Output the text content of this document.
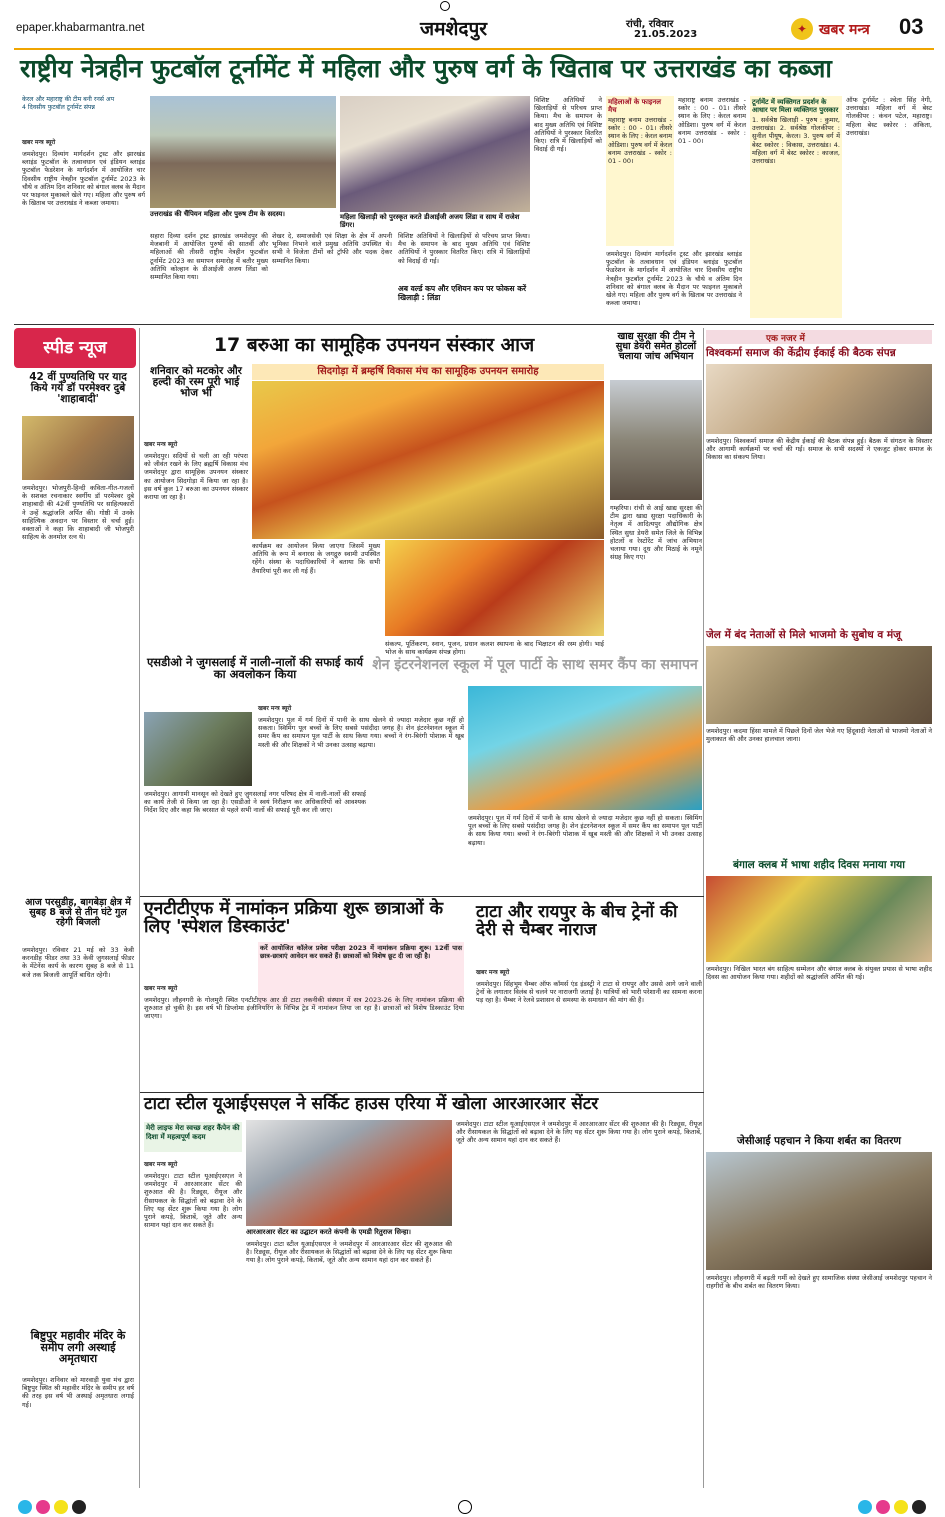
epaper.khabarmantra.net	जमशेदपुर	रांची, रविवार
21.05.2023	✦ खबर मन्त्र 03
राष्ट्रीय नेत्रहीन फुटबॉल टूर्नामेंट में महिला और पुरुष वर्ग के खिताब पर उत्तराखंड का कब्जा
केरल और महाराष्ट्र की टीम बनी रनर्स अप
4 दिवसीय फुटबॉल टूर्नामेंट संपन्न
खबर मन्त्र ब्यूरो
जमशेदपुर। दिव्यांग मार्गदर्शन ट्रस्ट और झारखंड ब्लाइंड फुटबॉल के तत्वावधान एवं इंडियन ब्लाइंड फुटबॉल फेडरेशन के मार्गदर्शन में आयोजित चार दिवसीय राष्ट्रीय नेत्रहीन फुटबॉल टूर्नामेंट 2023 के चौथे व अंतिम दिन शनिवार को बंगाल क्लब के मैदान पर फाइनल मुकाबले खेले गए। महिला और पुरुष वर्ग के खिताब पर उत्तराखंड ने कब्जा जमाया।
उत्तराखंड की चैंपियन महिला और पुरुष टीम के सदस्य।	महिला खिलाड़ी को पुरस्कृत करते डीआईजी अजय लिंडा व साथ में राजेश डिंगर।
सहारा दिव्या दर्शन ट्रस्ट झारखंड जमशेदपुर की मेजबानी में आयोजित पुरुषों की सातवीं और महिलाओं की तीसरी राष्ट्रीय नेत्रहीन फुटबॉल टूर्नामेंट 2023 का समापन समारोह में बतौर मुख्य अतिथि कोल्हान के डीआईजी अजय लिंडा को सम्मानित किया गया।
शेखर दे, समाजसेवी एवं शिक्षा के क्षेत्र में अपनी भूमिका निभाने वाले प्रमुख अतिथि उपस्थित थे। सभी ने विजेता टीमों को ट्रॉफी और पदक देकर सम्मानित किया।
विशिष्ट अतिथियों ने खिलाड़ियों से परिचय प्राप्त किया। मैच के समापन के बाद मुख्य अतिथि एवं विशिष्ट अतिथियों ने पुरस्कार वितरित किए। रात्रि में खिलाड़ियों को विदाई दी गई।
अब वर्ल्ड कप और एशियन कप पर फोकस करें खिलाड़ी : लिंडा
विशिष्ट अतिथियों ने खिलाड़ियों से परिचय प्राप्त किया। मैच के समापन के बाद मुख्य अतिथि एवं विशिष्ट अतिथियों ने पुरस्कार वितरित किए। रात्रि में खिलाड़ियों को विदाई दी गई।
महिलाओं के फाइनल मैच
महाराष्ट्र बनाम उत्तराखंड - स्कोर : 00 - 01। तीसरे स्थान के लिए : केरल बनाम ओडिशा। पुरुष वर्ग में केरल बनाम उत्तराखंड - स्कोर : 01 - 00।
जमशेदपुर। दिव्यांग मार्गदर्शन ट्रस्ट और झारखंड ब्लाइंड फुटबॉल के तत्वावधान एवं इंडियन ब्लाइंड फुटबॉल फेडरेशन के मार्गदर्शन में आयोजित चार दिवसीय राष्ट्रीय नेत्रहीन फुटबॉल टूर्नामेंट 2023 के चौथे व अंतिम दिन शनिवार को बंगाल क्लब के मैदान पर फाइनल मुकाबले खेले गए। महिला और पुरुष वर्ग के खिताब पर उत्तराखंड ने कब्जा जमाया।
महाराष्ट्र बनाम उत्तराखंड - स्कोर : 00 - 01। तीसरे स्थान के लिए : केरल बनाम ओडिशा। पुरुष वर्ग में केरल बनाम उत्तराखंड - स्कोर : 01 - 00।
टूर्नामेंट में व्यक्तिगत प्रदर्शन के आधार पर मिला व्यक्तिगत पुरस्कार
1. सर्वश्रेष्ठ खिलाड़ी - पुरुष : कुमार, उत्तराखंड। 2. सर्वश्रेष्ठ गोलकीपर : सुनील पीयूष, केरल। 3. पुरुष वर्ग में बेस्ट स्कोरर : विकास, उत्तराखंड। 4. महिला वर्ग में बेस्ट स्कोरर : काजल, उत्तराखंड।
ऑफ टूर्नामेंट : श्वेता सिंह नेगी, उत्तराखंड। महिला वर्ग में बेस्ट गोलकीपर : कंचन पटेल, महाराष्ट्र। महिला बेस्ट स्कोरर : अंकिता, उत्तराखंड।
स्पीड न्यूज
42 वीं पुण्यतिथि पर याद किये गये डॉ परमेश्वर दुबे 'शाहाबादी'
जमशेदपुर। भोजपुरी-हिन्दी कविता-गीत-गजलों के सशक्त रचनाकार स्वर्गीय डॉ परमेश्वर दुबे शाहाबादी की 42वीं पुण्यतिथि पर साहित्यकारों ने उन्हें श्रद्धांजलि अर्पित की। गोष्ठी में उनके साहित्यिक अवदान पर विस्तार से चर्चा हुई। वक्ताओं ने कहा कि शाहाबादी जी भोजपुरी साहित्य के अनमोल रत्न थे।
आज परसुडीह, बागबेड़ा क्षेत्र में सुबह 8 बजे से तीन घंटे गुल रहेगी बिजली
जमशेदपुर। रविवार 21 मई को 33 केवी करनडीह फीडर तथा 33 केवी जुगसलाई फीडर के मेंटेनेंस कार्य के कारण सुबह 8 बजे से 11 बजे तक बिजली आपूर्ति बाधित रहेगी।
बिष्टुपुर महावीर मंदिर के समीप लगी अस्थाई अमृतधारा
जमशेदपुर। शनिवार को मारवाड़ी युवा मंच द्वारा बिष्टुपुर स्थित श्री महावीर मंदिर के समीप हर वर्ष की तरह इस वर्ष भी अस्थाई अमृतधारा लगाई गई।
17 बरुआ का सामूहिक उपनयन संस्कार आज
शनिवार को मटकोर और हल्दी की रस्म पूरी भाई भोज भी
सिदगोड़ा में ब्रम्हर्षि विकास मंच का सामूहिक उपनयन समारोह
खबर मन्त्र ब्यूरो
जमशेदपुर। सदियों से चली आ रही परंपरा को जीवंत रखने के लिए ब्रह्मर्षि विकास मंच जमशेदपुर द्वारा सामूहिक उपनयन संस्कार का आयोजन सिदगोड़ा में किया जा रहा है। इस वर्ष कुल 17 बरुआ का उपनयन संस्कार कराया जा रहा है।
कार्यक्रम का आयोजन किया जाएगा जिसमें मुख्य अतिथि के रूप में बनारस के जगद्गुरु स्वामी उपस्थित रहेंगे। संस्था के पदाधिकारियों ने बताया कि सभी तैयारियां पूरी कर ली गई हैं।
संकल्प, पूर्तिकरण, स्नान, पूजन, प्रधान कलश स्थापना के बाद भिक्षाटन की रस्म होगी। भाई भोज के साथ कार्यक्रम संपन्न होगा।
खाद्य सुरक्षा की टीम ने सुधा डेयरी समेत होटलों चलाया जांच अभियान
गम्हरिया। रांची से आई खाद्य सुरक्षा की टीम द्वारा खाद्य सुरक्षा पदाधिकारी के नेतृत्व में आदित्यपुर औद्योगिक क्षेत्र स्थित सुधा डेयरी समेत जिले के विभिन्न होटलों व रेस्टोरेंट में जांच अभियान चलाया गया। दूध और मिठाई के नमूने संग्रह किए गए।
एक नजर में
विश्वकर्मा समाज की केंद्रीय ईकाई की बैठक संपन्न
जमशेदपुर। विश्वकर्मा समाज की केंद्रीय ईकाई की बैठक संपन्न हुई। बैठक में संगठन के विस्तार और आगामी कार्यक्रमों पर चर्चा की गई। समाज के सभी सदस्यों ने एकजुट होकर समाज के विकास का संकल्प लिया।
जेल में बंद नेताओं से मिले भाजमो के सुबोध व मंजू
जमशेदपुर। कदमा हिंसा मामले में पिछले दिनों जेल भेजे गए हिंदूवादी नेताओं से भाजमो नेताओं ने मुलाकात की और उनका हालचाल जाना।
बंगाल क्लब में भाषा शहीद दिवस मनाया गया
जमशेदपुर। निखिल भारत बंग साहित्य सम्मेलन और बंगाल क्लब के संयुक्त प्रयास से भाषा शहीद दिवस का आयोजन किया गया। शहीदों को श्रद्धांजलि अर्पित की गई।
जेसीआई पहचान ने किया शर्बत का वितरण
जमशेदपुर। लौहनगरी में बढ़ती गर्मी को देखते हुए सामाजिक संस्था जेसीआई जमशेदपुर पहचान ने राहगीरों के बीच शर्बत का वितरण किया।
एसडीओ ने जुगसलाई में नाली-नालों की सफाई कार्य का अवलोकन किया
जमशेदपुर। आगामी मानसून को देखते हुए जुगसलाई नगर परिषद क्षेत्र में नाली-नालों की सफाई का कार्य तेजी से किया जा रहा है। एसडीओ ने स्वयं निरीक्षण कर अधिकारियों को आवश्यक निर्देश दिए और कहा कि बरसात से पहले सभी नालों की सफाई पूरी कर ली जाए।
शेन इंटरनेशनल स्कूल में पूल पार्टी के साथ समर कैंप का समापन
खबर मन्त्र ब्यूरो
जमशेदपुर। पूल में गर्म दिनों में पानी के साथ खेलने से ज्यादा मजेदार कुछ नहीं हो सकता। स्विमिंग पूल बच्चों के लिए सबसे पसंदीदा जगह है। शेन इंटरनेशनल स्कूल में समर कैंप का समापन पूल पार्टी के साथ किया गया। बच्चों ने रंग-बिरंगी पोशाक में खूब मस्ती की और शिक्षकों ने भी उनका उत्साह बढ़ाया।
जमशेदपुर। पूल में गर्म दिनों में पानी के साथ खेलने से ज्यादा मजेदार कुछ नहीं हो सकता। स्विमिंग पूल बच्चों के लिए सबसे पसंदीदा जगह है। शेन इंटरनेशनल स्कूल में समर कैंप का समापन पूल पार्टी के साथ किया गया। बच्चों ने रंग-बिरंगी पोशाक में खूब मस्ती की और शिक्षकों ने भी उनका उत्साह बढ़ाया।
एनटीटीएफ में नामांकन प्रक्रिया शुरू छात्राओं के लिए 'स्पेशल डिस्काउंट'
खबर मन्त्र ब्यूरो
करें आयोजित कॉलेज प्रवेश परीक्षा 2023 में नामांकन प्रक्रिया शुरू। 12वीं पास छात्र-छात्राएं आवेदन कर सकते हैं। छात्राओं को विशेष छूट दी जा रही है।
जमशेदपुर। लौहनगरी के गोलमुरी स्थित एनटीटीएफ आर डी टाटा तकनीकी संस्थान में सत्र 2023-26 के लिए नामांकन प्रक्रिया की शुरुआत हो चुकी है। इस वर्ष भी डिप्लोमा इंजीनियरिंग के विभिन्न ट्रेड में नामांकन लिया जा रहा है। छात्राओं को विशेष डिस्काउंट दिया जाएगा।
टाटा और रायपुर के बीच ट्रेनों की देरी से चैम्बर नाराज
खबर मन्त्र ब्यूरो
जमशेदपुर। सिंहभूम चैम्बर ऑफ कॉमर्स एंड इंडस्ट्री ने टाटा से रायपुर और उससे आगे जाने वाली ट्रेनों के लगातार विलंब से चलने पर नाराजगी जताई है। यात्रियों को भारी परेशानी का सामना करना पड़ रहा है। चैम्बर ने रेलवे प्रशासन से समस्या के समाधान की मांग की है।
टाटा स्टील यूआईएसएल ने सर्किट हाउस एरिया में खोला आरआरआर सेंटर
मेरी लाइफ मेरा स्वच्छ शहर कैंपेन की दिशा में महत्वपूर्ण कदम
खबर मन्त्र ब्यूरो
जमशेदपुर। टाटा स्टील यूआईएसएल ने जमशेदपुर में आरआरआर सेंटर की शुरुआत की है। रिड्यूस, रीयूज और रीसायकल के सिद्धांतों को बढ़ावा देने के लिए यह सेंटर शुरू किया गया है। लोग पुराने कपड़े, किताबें, जूते और अन्य सामान यहां दान कर सकते हैं।
आरआरआर सेंटर का उद्घाटन करते कंपनी के एमडी रितुराज सिन्हा।
जमशेदपुर। टाटा स्टील यूआईएसएल ने जमशेदपुर में आरआरआर सेंटर की शुरुआत की है। रिड्यूस, रीयूज और रीसायकल के सिद्धांतों को बढ़ावा देने के लिए यह सेंटर शुरू किया गया है। लोग पुराने कपड़े, किताबें, जूते और अन्य सामान यहां दान कर सकते हैं।
जमशेदपुर। टाटा स्टील यूआईएसएल ने जमशेदपुर में आरआरआर सेंटर की शुरुआत की है। रिड्यूस, रीयूज और रीसायकल के सिद्धांतों को बढ़ावा देने के लिए यह सेंटर शुरू किया गया है। लोग पुराने कपड़े, किताबें, जूते और अन्य सामान यहां दान कर सकते हैं।
